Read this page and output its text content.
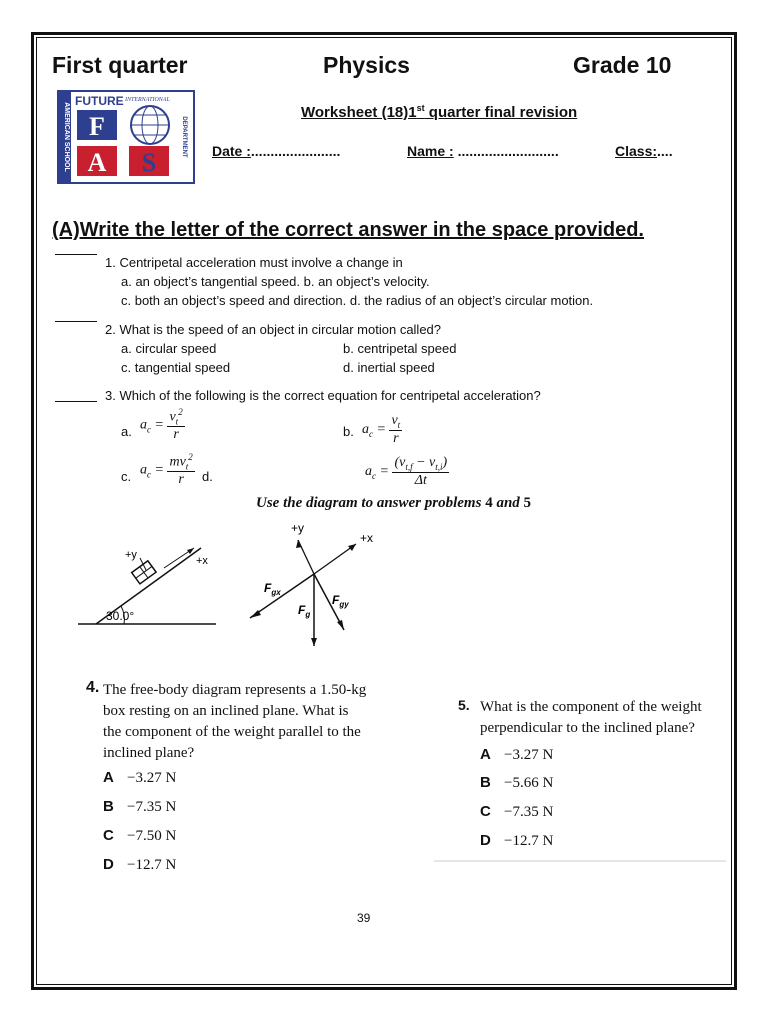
First quarter	Physics	Grade 10
AMERICAN SCHOOL
FUTURE INTERNATIONAL
F
A S
DEPARTMENT
Worksheet (18)1st quarter final revision
Date :.......................	Name : ..........................	Class:....
(A)Write the letter of the correct answer in the space provided.
1. Centripetal acceleration must involve a change in
a. an object’s tangential speed. b. an object’s velocity.
c. both an object’s speed and direction. d. the radius of an object’s circular motion.
2. What is the speed of an object in circular motion called?
a. circular speed	b. centripetal speed
c. tangential speed	d. inertial speed
3. Which of the following is the correct equation for centripetal acceleration?
a. $a_c = \frac{v_t^2}{r}$	b. $a_c = \frac{v_t}{r}$
c. $a_c = \frac{mv_t^2}{r} d$.	$a_c = \frac{(v_{t,f} - v_{t,i})}{\Delta t}$
Use the diagram to answer problems 4 and 5
+y	+x
30.0°
+y
+x
$F_{gx}$
$F_{gy}$
$F_g$
4. The free-body diagram represents a 1.50-kg
box resting on an inclined plane. What is
the component of the weight parallel to the
inclined plane?
A −3.27 N
B −7.35 N
C −7.50 N
D −12.7 N
5. What is the component of the weight
perpendicular to the inclined plane?
A −3.27 N
B −5.66 N
C −7.35 N
D −12.7 N
39
